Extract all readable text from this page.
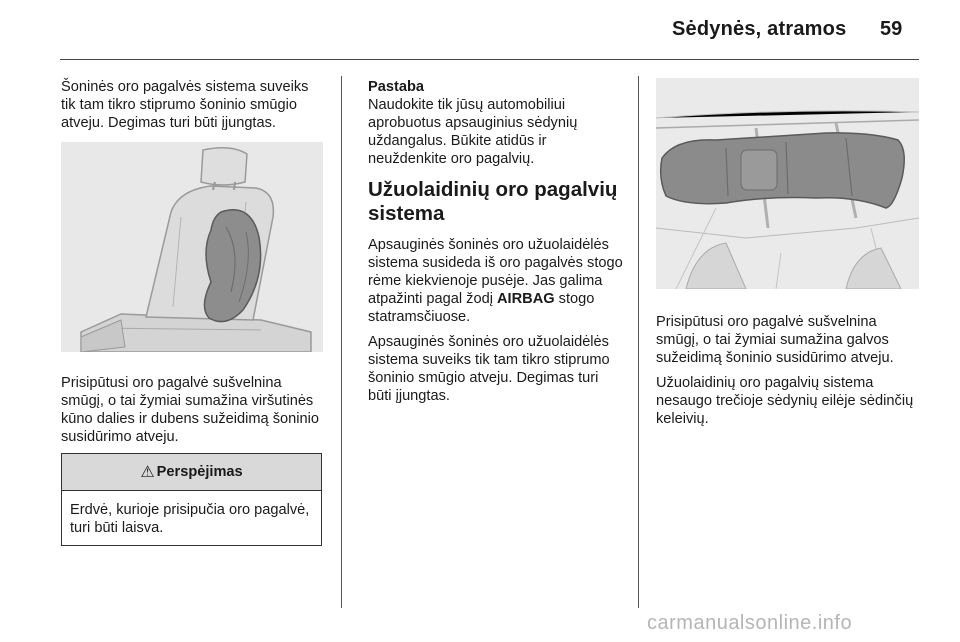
Sėdynės, atramos 59

Šoninės oro pagalvės sistema suveiks tik tam tikro stiprumo šoninio smūgio atveju. Degimas turi būti įjungtas.

Prisipūtusi oro pagalvė sušvelnina smūgį, o tai žymiai sumažina viršutinės kūno dalies ir dubens sužeidimą šoninio susidūrimo atveju.

⚠ Perspėjimas

Erdvė, kurioje prisipučia oro pagalvė, turi būti laisva.

Pastaba

Naudokite tik jūsų automobiliui aprobuotus apsauginius sėdynių uždangalus. Būkite atidūs ir neuždenkite oro pagalvių.

Užuolaidinių oro pagalvių sistema

Apsauginės šoninės oro užuolaidėlės sistema susideda iš oro pagalvės stogo rėme kiekvienoje pusėje. Jas galima atpažinti pagal žodį AIRBAG stogo statramsčiuose.

Apsauginės šoninės oro užuolaidėlės sistema suveiks tik tam tikro stiprumo šoninio smūgio atveju. Degimas turi būti įjungtas.

Prisipūtusi oro pagalvė sušvelnina smūgį, o tai žymiai sumažina galvos sužeidimą šoninio susidūrimo atveju.

Užuolaidinių oro pagalvių sistema nesaugo trečioje sėdynių eilėje sėdinčių keleivių.

carmanualsonline.info
